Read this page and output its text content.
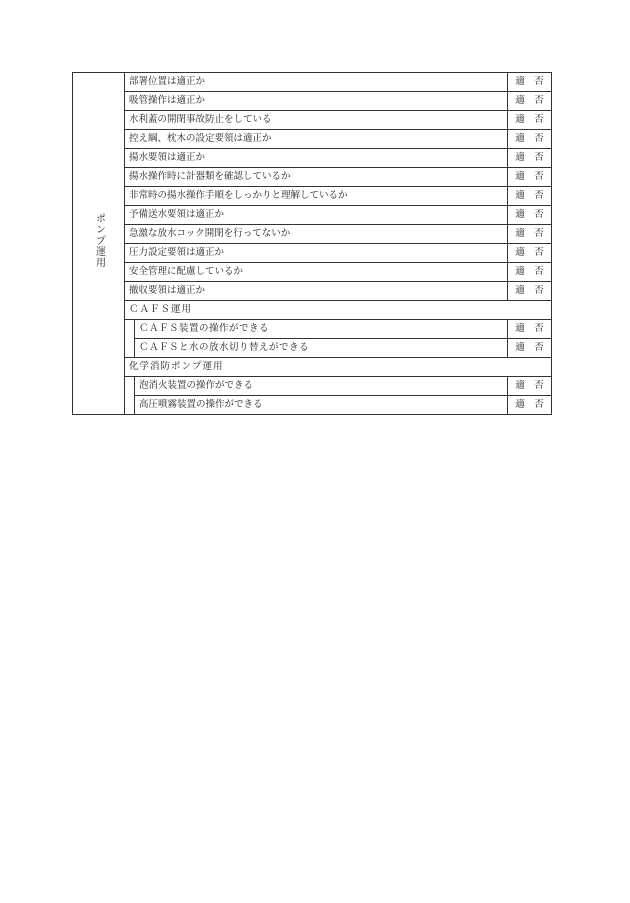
ポンプ運用	部署位置は適正か		適 否
	吸管操作は適正か		適 否
	水利蓋の開閉事故防止をしている		適 否
	控え綱、枕木の設定要領は適正か		適 否
	揚水要領は適正か		適 否
	揚水操作時に計器類を確認しているか		適 否
	非常時の揚水操作手順をしっかりと理解しているか		適 否
	予備送水要領は適正か		適 否
	急激な放水コック開閉を行ってないか		適 否
	圧力設定要領は適正か		適 否
	安全管理に配慮しているか		適 否
	撤収要領は適正か		適 否
	ＣＡＦＳ運用		
		ＣＡＦＳ装置の操作ができる	適 否
		ＣＡＦＳと水の放水切り替えができる	適 否
	化学消防ポンプ運用		
		泡消火装置の操作ができる	適 否
		高圧噴霧装置の操作ができる	適 否
